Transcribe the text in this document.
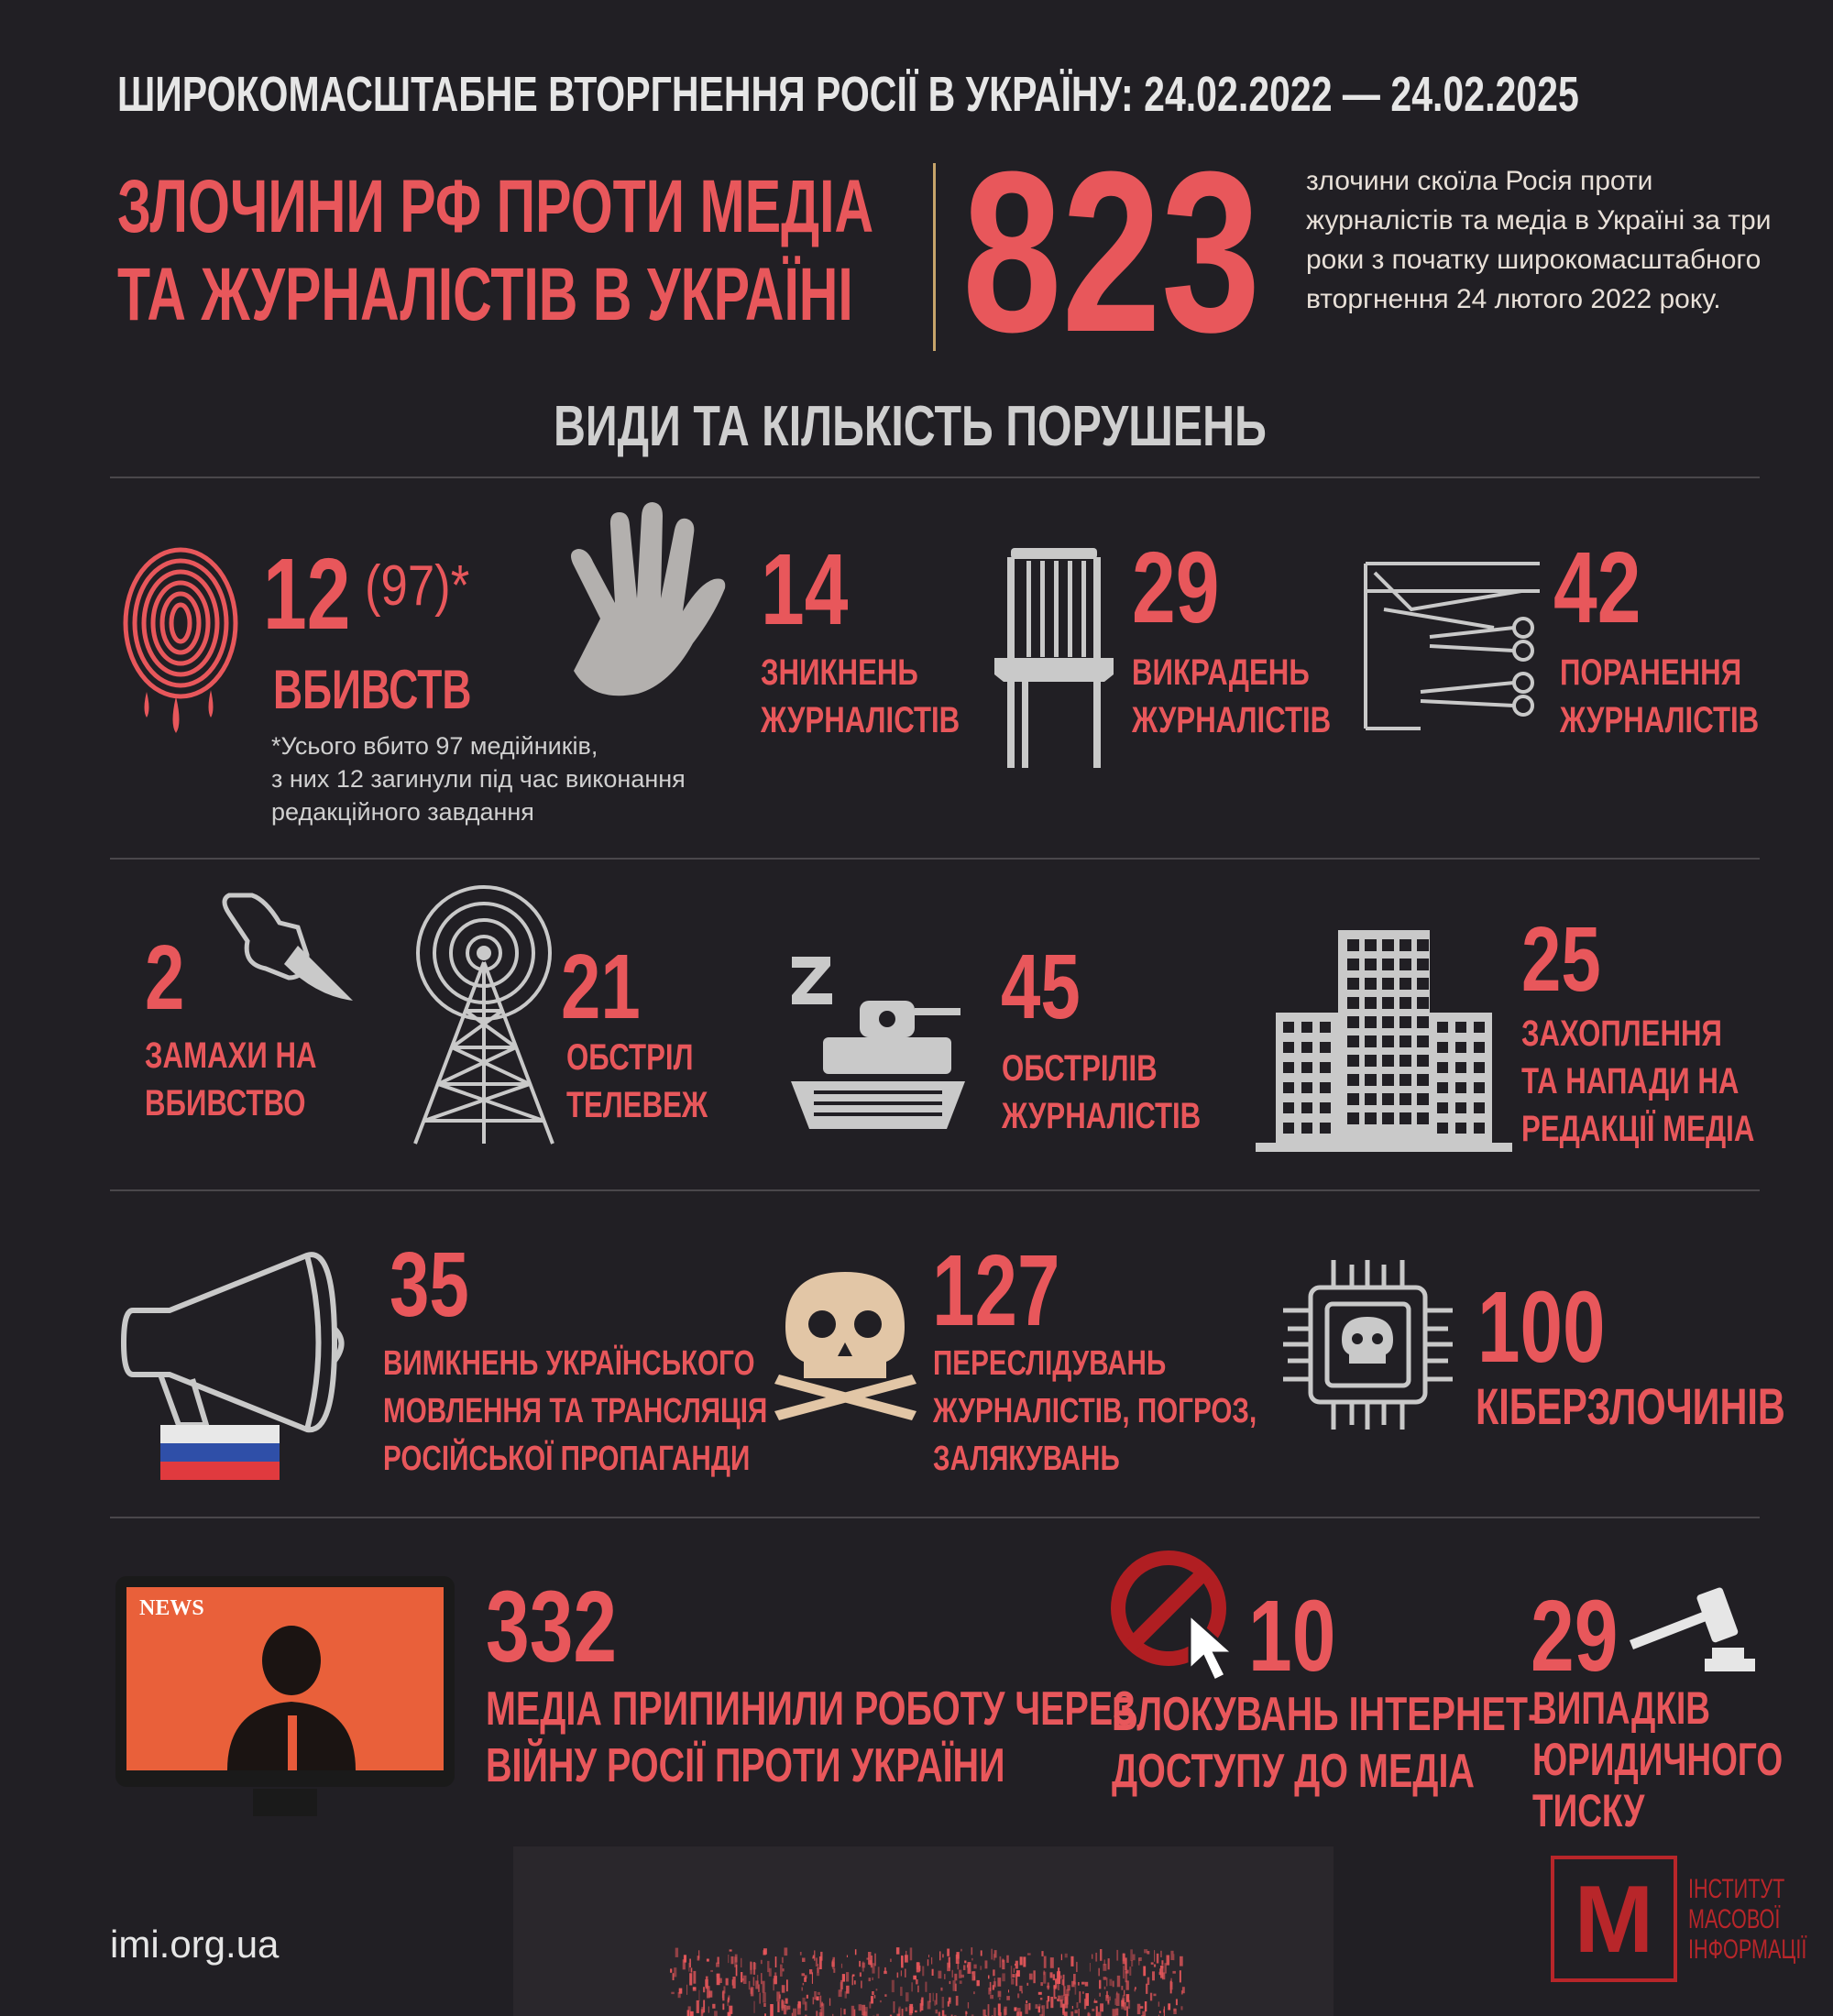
ШИРОКОМАСШТАБНЕ ВТОРГНЕННЯ РОСІЇ В УКРАЇНУ: 24.02.2022 — 24.02.2025
ЗЛОЧИНИ РФ ПРОТИ МЕДІА
ТА ЖУРНАЛІСТІВ В УКРАЇНІ 823	злочини скоїла Росія проти
журналістів та медіа в Україні за три
роки з початку широкомасштабного
вторгнення 24 лютого 2022 року.
ВИДИ ТА КІЛЬКІСТЬ ПОРУШЕНЬ
12 (97)*
ВБИВСТВ
*Усього вбито 97 медійників,
з них 12 загинули під час виконання
редакційного завдання
14
ЗНИКНЕНЬ
ЖУРНАЛІСТІВ
29
ВИКРАДЕНЬ
ЖУРНАЛІСТІВ
42
ПОРАНЕННЯ
ЖУРНАЛІСТІВ
2
ЗАМАХИ НА
ВБИВСТВО
21
ОБСТРІЛ
ТЕЛЕВЕЖ
45
ОБСТРІЛІВ
ЖУРНАЛІСТІВ
25
ЗАХОПЛЕННЯ
ТА НАПАДИ НА
РЕДАКЦІЇ МЕДІА
35
ВИМКНЕНЬ УКРАЇНСЬКОГО
МОВЛЕННЯ ТА ТРАНСЛЯЦІЯ
РОСІЙСЬКОЇ ПРОПАГАНДИ
127
ПЕРЕСЛІДУВАНЬ
ЖУРНАЛІСТІВ, ПОГРОЗ,
ЗАЛЯКУВАНЬ
100
КІБЕРЗЛОЧИНІВ
NEWS	332
МЕДІА ПРИПИНИЛИ РОБОТУ ЧЕРЕЗ
ВІЙНУ РОСІЇ ПРОТИ УКРАЇНИ
10
БЛОКУВАНЬ ІНТЕРНЕТ-
ДОСТУПУ ДО МЕДІА
29
ВИПАДКІВ
ЮРИДИЧНОГО
ТИСКУ
imi.org.ua	М	ІНСТИТУТ
МАСОВОЇ
ІНФОРМАЦІЇ
